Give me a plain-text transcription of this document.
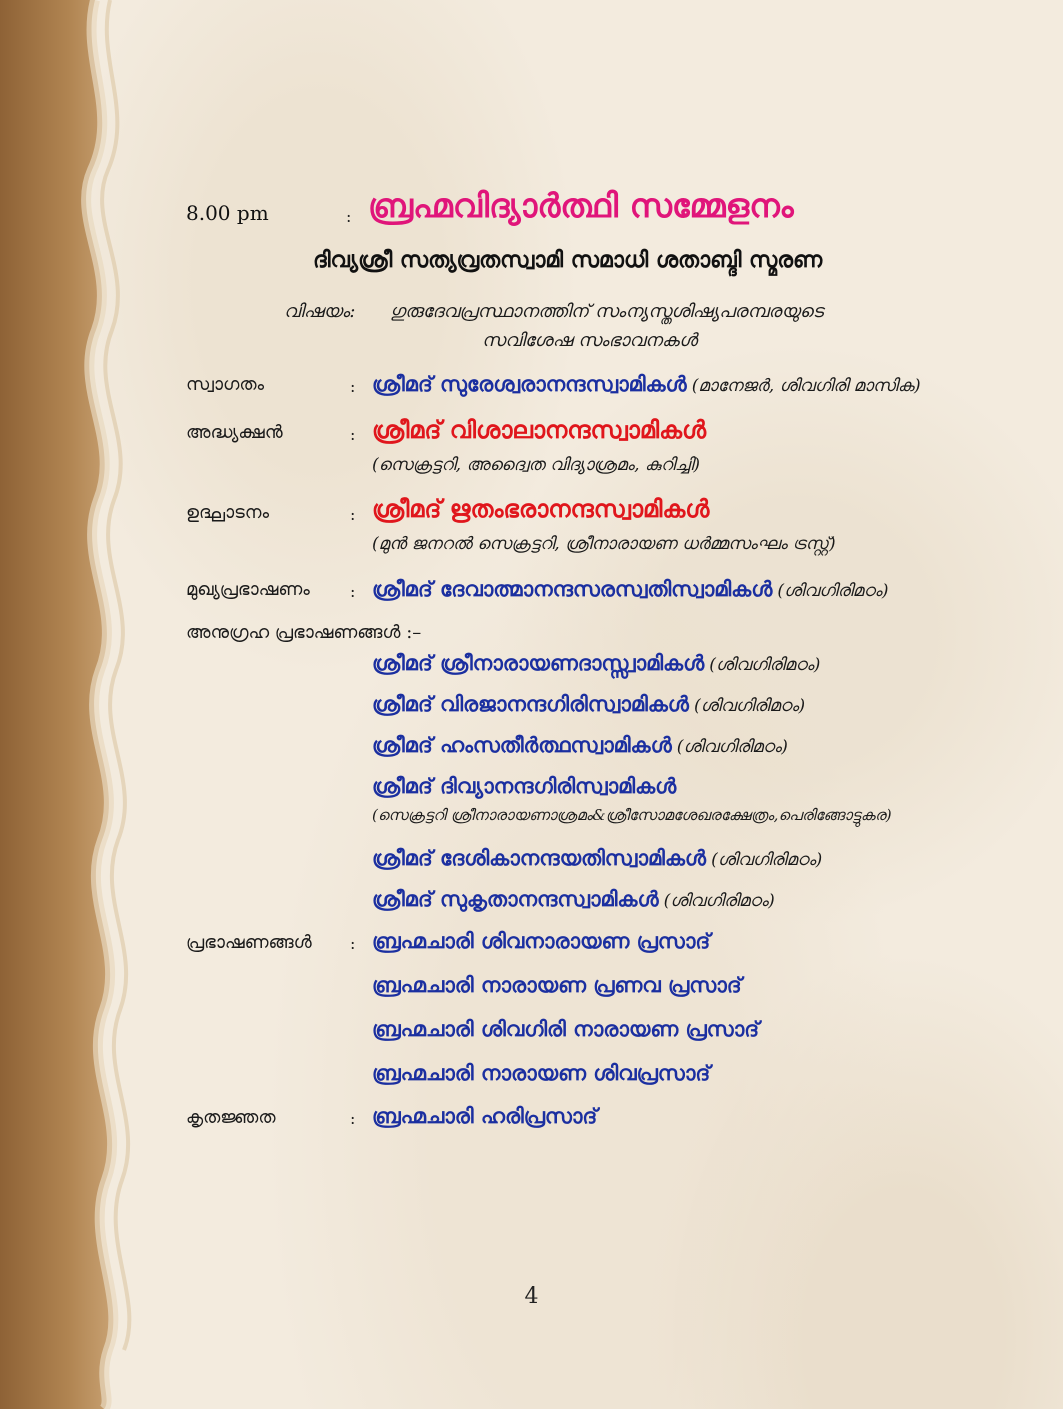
8.00 pm	: ബ്രഹ്മവിദ്യാർത്ഥി സമ്മേളനം
ദിവ്യശ്രീ സത്യവ്രതസ്വാമി സമാധി ശതാബ്ദി സ്മരണ
വിഷയം: ഗുരുദേവപ്രസ്ഥാനത്തിന് സംന്യസ്തശിഷ്യപരമ്പരയുടെ
സവിശേഷ സംഭാവനകൾ
സ്വാഗതം	: ശ്രീമദ് സുരേശ്വരാനന്ദസ്വാമികൾ (മാനേജർ, ശിവഗിരി മാസിക)
അദ്ധ്യക്ഷൻ	: ശ്രീമദ് വിശാലാനന്ദസ്വാമികൾ
(സെക്രട്ടറി, അദ്വൈത വിദ്യാശ്രമം, കുറിച്ചി)
ഉദ്ഘാടനം	: ശ്രീമദ് ഋതംഭരാനന്ദസ്വാമികൾ
(മുൻ ജനറൽ സെക്രട്ടറി, ശ്രീനാരായണ ധർമ്മസംഘം ട്രസ്റ്റ്)
മുഖ്യപ്രഭാഷണം	: ശ്രീമദ് ദേവാത്മാനന്ദസരസ്വതിസ്വാമികൾ (ശിവഗിരിമഠം)
അനുഗ്രഹ പ്രഭാഷണങ്ങൾ :–
ശ്രീമദ് ശ്രീനാരായണദാസ്സ്വാമികൾ (ശിവഗിരിമഠം)
ശ്രീമദ് വിരജാനന്ദഗിരിസ്വാമികൾ (ശിവഗിരിമഠം)
ശ്രീമദ് ഹംസതീർത്ഥസ്വാമികൾ (ശിവഗിരിമഠം)
ശ്രീമദ് ദിവ്യാനന്ദഗിരിസ്വാമികൾ
(സെക്രട്ടറി ശ്രീനാരായണാശ്രമം&ശ്രീസോമശേഖരക്ഷേത്രം,പെരിങ്ങോട്ടുകര)
ശ്രീമദ് ദേശികാനന്ദയതിസ്വാമികൾ (ശിവഗിരിമഠം)
ശ്രീമദ് സുകൃതാനന്ദസ്വാമികൾ (ശിവഗിരിമഠം)
പ്രഭാഷണങ്ങൾ : ബ്രഹ്മചാരി ശിവനാരായണ പ്രസാദ്
ബ്രഹ്മചാരി നാരായണ പ്രണവ പ്രസാദ്
ബ്രഹ്മചാരി ശിവഗിരി നാരായണ പ്രസാദ്
ബ്രഹ്മചാരി നാരായണ ശിവപ്രസാദ്
കൃതജ്ഞത	: ബ്രഹ്മചാരി ഹരിപ്രസാദ്
4
